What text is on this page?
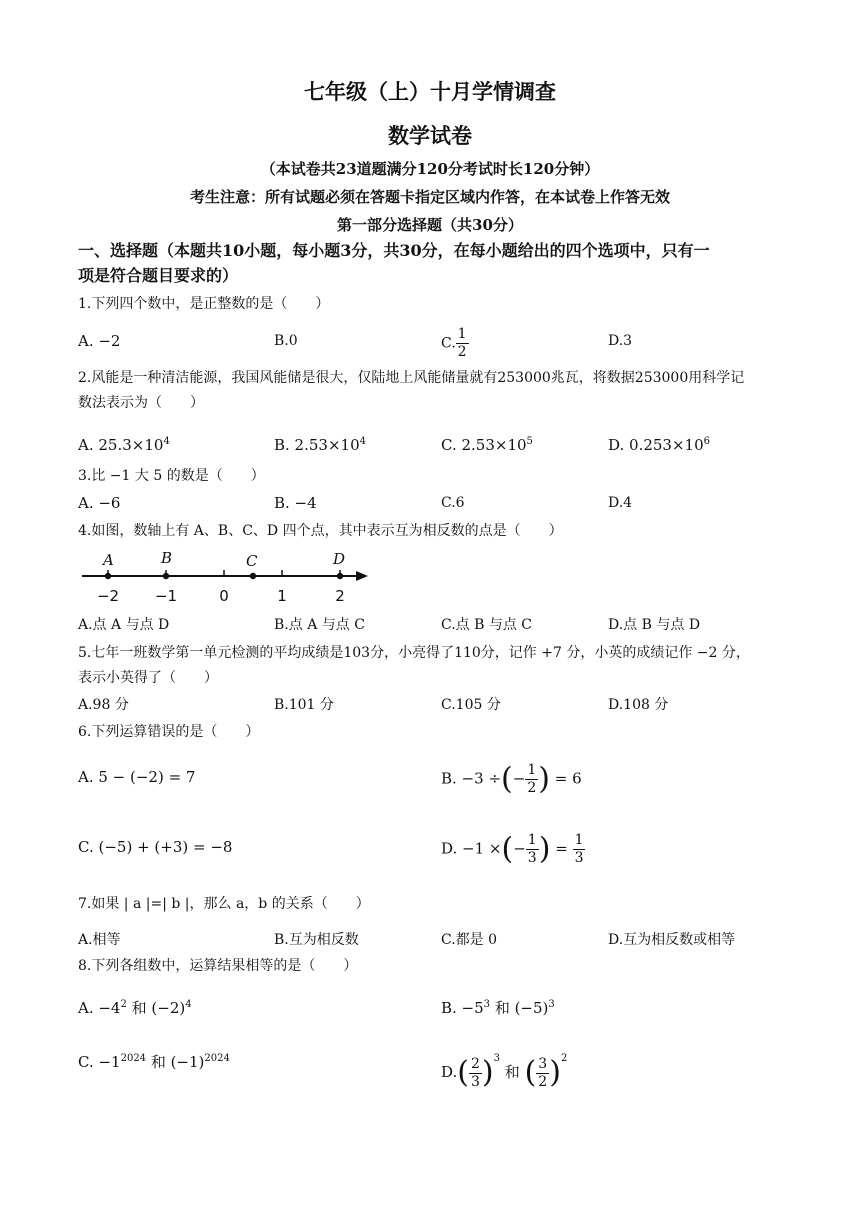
七年级（上）十月学情调查
数学试卷
（本试卷共23道题满分120分考试时长120分钟）
考生注意：所有试题必须在答题卡指定区域内作答，在本试卷上作答无效
第一部分选择题（共30分）
一、选择题（本题共10小题，每小题3分，共30分，在每小题给出的四个选项中，只有一
项是符合题目要求的）
1.下列四个数中，是正整数的是（　　）
A. −2	B.0	C. $\frac{1}{2}$	D.3
2.风能是一种清洁能源，我国风能储是很大，仅陆地上风能储量就有253000兆瓦，将数据253000用科学记
数法表示为（　　）
A. $25.3\times 10^4$	B. $2.53\times 10^4$	C. $2.53\times 10^5$	D. $0.253\times 10^6$
3.比 −1 大 5 的数是（　　）
A. −6	B. −4	C.6	D.4
4.如图，数轴上有 A、B、C、D 四个点，其中表示互为相反数的点是（　　）
A	B	C	D
−2 −1	0	1	2
A.点 A 与点 D	B.点 A 与点 C	C.点 B 与点 C	D.点 B 与点 D
5.七年一班数学第一单元检测的平均成绩是103分，小亮得了110分，记作 +7 分，小英的成绩记作 −2 分，
表示小英得了（　　）
A.98 分	B.101 分	C.105 分	D.108 分
6.下列运算错误的是（　　）
A. 5 − (−2) = 7	B. −3 ÷(− $\frac{1}{2}$ ) = 6
C. (−5) + (+3) = −8	D. −1 ×(− $\frac{1}{3}$ ) = $\frac{1}{3}$
7.如果 | a |=| b |，那么 a，b 的关系（　　）
A.相等	B.互为相反数	C.都是 0	D.互为相反数或相等
8.下列各组数中，运算结果相等的是（　　）
A. $-4^2$ 和 $(-2)^4$	B. $-5^3$ 和 $(-5)^3$
C. $-1^{2024}$ 和 $(-1)^{2024}$
$D.( \frac{2}{3} )^3$ 和 ( $\frac{3}{2} )^2$
